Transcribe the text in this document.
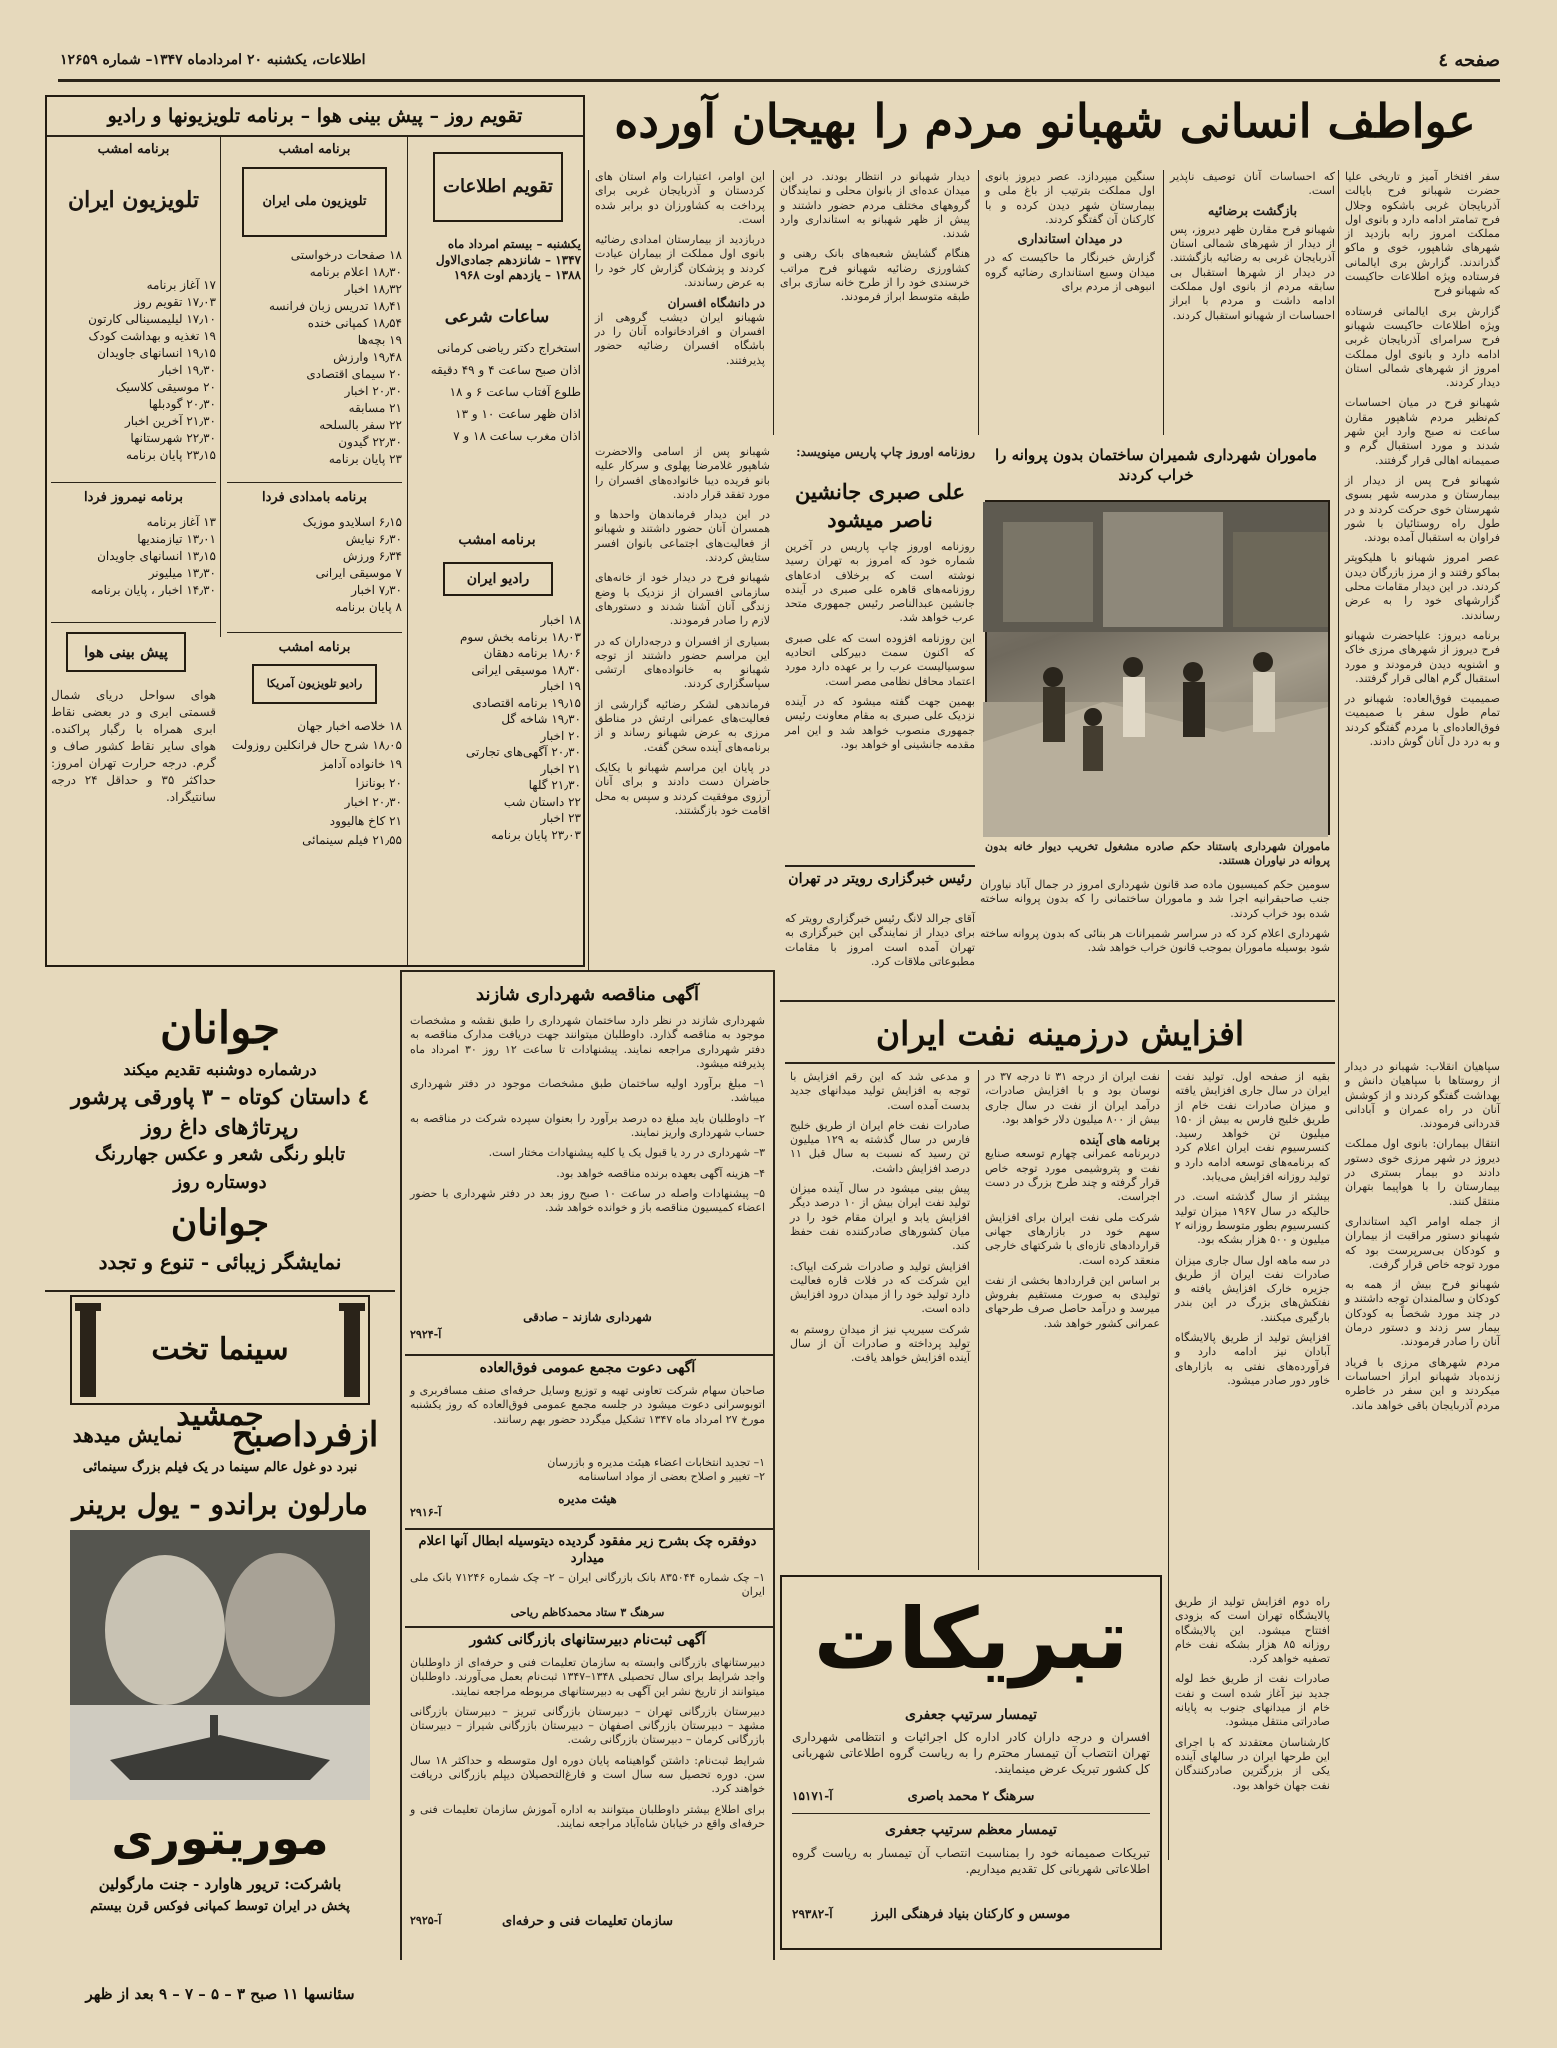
صفحه ٤
اطلاعات، یکشنبه ۲۰ امردادماه ۱۳۴۷– شماره ۱۲۶۵۹
عواطف انسانی شهبانو مردم را بهیجان آورده

سفر افتخار آمیز و تاریخی علیا حضرت شهبانو فرح بایالت آذربایجان غربی باشکوه وجلال فرح تمامتر ادامه دارد و بانوی اول مملکت امروز رابه بازدید از شهرهای شاهپور، خوی و ماکو گذراندند. گزارش بری ایالمانی فرستاده ویژه اطلاعات حاکیست که شهبانو فرح

گزارش بری ایالمانی فرستاده ویژه اطلاعات حاکیست شهبانو فرح سرامرای آذربایجان غربی ادامه دارد و بانوی اول مملکت امروز از شهرهای شمالی استان دیدار کردند.

شهبانو فرح در میان احساسات کم‌نظیر مردم شاهپور مقارن ساعت نه صبح وارد این شهر شدند و مورد استقبال گرم و صمیمانه اهالی قرار گرفتند.

شهبانو فرح پس از دیدار از بیمارستان و مدرسه شهر بسوی شهرستان خوی حرکت کردند و در طول راه روستائیان با شور فراوان به استقبال آمده بودند.

عصر امروز شهبانو با هلیکوپتر بماکو رفتند و از مرز بازرگان دیدن کردند. در این دیدار مقامات محلی گزارشهای خود را به عرض رساندند.

برنامه دیروز: علیاحضرت شهبانو فرح دیروز از شهرهای مرزی خاک و اشنویه دیدن فرمودند و مورد استقبال گرم اهالی قرار گرفتند.

صمیمیت فوق‌العاده: شهبانو در تمام طول سفر با صمیمیت فوق‌العاده‌ای با مردم گفتگو کردند و به درد دل آنان گوش دادند.

سپاهیان انقلاب: شهبانو در دیدار از روستاها با سپاهیان دانش و بهداشت گفتگو کردند و از کوشش آنان در راه عمران و آبادانی قدردانی فرمودند.

انتقال بیماران: بانوی اول مملکت دیروز در شهر مرزی خوی دستور دادند دو بیمار بستری در بیمارستان را با هواپیما بتهران منتقل کنند.

از جمله اوامر اکید استانداری شهبانو دستور مراقبت از بیماران و کودکان بی‌سرپرست بود که مورد توجه خاص قرار گرفت.

شهبانو فرح بیش از همه به کودکان و سالمندان توجه داشتند و در چند مورد شخصاً به کودکان بیمار سر زدند و دستور درمان آنان را صادر فرمودند.

مردم شهرهای مرزی با فریاد زنده‌باد شهبانو ابراز احساسات میکردند و این سفر در خاطره مردم آذربایجان باقی خواهد ماند.

که احساسات آنان توصیف ناپذیر است.

بازگشت برضائیه

شهبانو فرح مقارن ظهر دیروز، پس از دیدار از شهرهای شمالی استان آذربایجان غربی به رضائیه بازگشتند. در دیدار از شهرها استقبال بی سابقه مردم از بانوی اول مملکت ادامه داشت و مردم با ابراز احساسات از شهبانو استقبال کردند.

سنگین میپردازد. عصر دیروز بانوی اول مملکت بترتیب از باغ ملی و بیمارستان شهر دیدن کرده و با کارکنان آن گفتگو کردند.

در میدان استانداری

گزارش خبرنگار ما حاکیست که در میدان وسیع استانداری رضائیه گروه انبوهی از مردم برای

دیدار شهبانو در انتظار بودند. در این میدان عده‌ای از بانوان محلی و نمایندگان گروههای مختلف مردم حضور داشتند و پیش از ظهر شهبانو به استانداری وارد شدند.

هنگام گشایش شعبه‌های بانک رهنی و کشاورزی رضائیه شهبانو فرح مراتب خرسندی خود را از طرح خانه سازی برای طبقه متوسط ابراز فرمودند.

این اوامر، اعتبارات وام استان های کردستان و آذربایجان غربی برای پرداخت به کشاورزان دو برابر شده است.

دربازدید از بیمارستان امدادی رضائیه بانوی اول مملکت از بیماران عیادت کردند و پزشکان گزارش کار خود را به عرض رساندند.

در دانشگاه افسران

شهبانو ایران دیشب گروهی از افسران و افرادخانواده آنان را در باشگاه افسران رضائیه حضور پذیرفتند.

ماموران شهرداری شمیران ساختمان بدون پروانه را خراب کردند
ماموران شهرداری باستناد حکم صادره مشغول تخریب دیوار خانه بدون پروانه در نیاوران هستند.

سومین حکم کمیسیون ماده صد قانون شهرداری امروز در جمال آباد نیاوران جنب صاحبقرانیه اجرا شد و ماموران ساختمانی را که بدون پروانه ساخته شده بود خراب کردند.

شهرداری اعلام کرد که در سراسر شمیرانات هر بنائی که بدون پروانه ساخته شود بوسیله ماموران بموجب قانون خراب خواهد شد.

روزنامه اوروز چاپ پاریس مینویسد:
علی صبری جانشین ناصر میشود

روزنامه اوروز چاپ پاریس در آخرین شماره خود که امروز به تهران رسید نوشته است که برخلاف ادعاهای روزنامه‌های قاهره علی صبری در آینده جانشین عبدالناصر رئیس جمهوری متحد عرب خواهد شد.

این روزنامه افزوده است که علی صبری که اکنون سمت دبیرکلی اتحادیه سوسیالیست عرب را بر عهده دارد مورد اعتماد محافل نظامی مصر است.

بهمین جهت گفته میشود که در آینده نزدیک علی صبری به مقام معاونت رئیس جمهوری منصوب خواهد شد و این امر مقدمه جانشینی او خواهد بود.

رئیس خبرگزاری رویتر در تهران
آقای جرالد لانگ رئیس خبرگزاری رویتر که برای دیدار از نمایندگی این خبرگزاری به تهران آمده است امروز با مقامات مطبوعاتی ملاقات کرد.

شهبانو پس از اسامی والاحضرت شاهپور غلامرضا پهلوی و سرکار علیه بانو فریده دیبا خانواده‌های افسران را مورد تفقد قرار دادند.

در این دیدار فرماندهان واحدها و همسران آنان حضور داشتند و شهبانو از فعالیت‌های اجتماعی بانوان افسر ستایش کردند.

شهبانو فرح در دیدار خود از خانه‌های سازمانی افسران از نزدیک با وضع زندگی آنان آشنا شدند و دستورهای لازم را صادر فرمودند.

بسیاری از افسران و درجه‌داران که در این مراسم حضور داشتند از توجه شهبانو به خانواده‌های ارتشی سپاسگزاری کردند.

فرماندهی لشکر رضائیه گزارشی از فعالیت‌های عمرانی ارتش در مناطق مرزی به عرض شهبانو رساند و از برنامه‌های آینده سخن گفت.

در پایان این مراسم شهبانو با یکایک حاضران دست دادند و برای آنان آرزوی موفقیت کردند و سپس به محل اقامت خود بازگشتند.

افزایش درزمینه نفت ایران

بقیه از صفحه اول. تولید نفت ایران در سال جاری افزایش یافته و میزان صادرات نفت خام از طریق خلیج فارس به بیش از ۱۵۰ میلیون تن خواهد رسید. کنسرسیوم نفت ایران اعلام کرد که برنامه‌های توسعه ادامه دارد و تولید روزانه افزایش می‌یابد.

بیشتر از سال گذشته است. در حالیکه در سال ۱۹۶۷ میزان تولید کنسرسیوم بطور متوسط روزانه ۲ میلیون و ۵۰۰ هزار بشکه بود.

در سه ماهه اول سال جاری میزان صادرات نفت ایران از طریق جزیره خارک افزایش یافته و نفتکش‌های بزرگ در این بندر بارگیری میکنند.

افزایش تولید از طریق پالایشگاه آبادان نیز ادامه دارد و فرآورده‌های نفتی به بازارهای خاور دور صادر میشود.

نفت ایران از درجه ۳۱ تا درجه ۳۷ در نوسان بود و با افزایش صادرات، درآمد ایران از نفت در سال جاری بیش از ۸۰۰ میلیون دلار خواهد بود.

برنامه های آینده

دربرنامه عمرانی چهارم توسعه صنایع نفت و پتروشیمی مورد توجه خاص قرار گرفته و چند طرح بزرگ در دست اجراست.

شرکت ملی نفت ایران برای افزایش سهم خود در بازارهای جهانی قراردادهای تازه‌ای با شرکتهای خارجی منعقد کرده است.

بر اساس این قراردادها بخشی از نفت تولیدی به صورت مستقیم بفروش میرسد و درآمد حاصل صرف طرحهای عمرانی کشور خواهد شد.

و مدعی شد که این رقم افزایش با توجه به افزایش تولید میدانهای جدید بدست آمده است.

صادرات نفت خام ایران از طریق خلیج فارس در سال گذشته به ۱۲۹ میلیون تن رسید که نسبت به سال قبل ۱۱ درصد افزایش داشت.

پیش بینی میشود در سال آینده میزان تولید نفت ایران بیش از ۱۰ درصد دیگر افزایش یابد و ایران مقام خود را در میان کشورهای صادرکننده نفت حفظ کند.

افزایش تولید و صادرات شرکت ایپاک: این شرکت که در فلات قاره فعالیت دارد تولید خود را از میدان درود افزایش داده است.

شرکت سیریپ نیز از میدان روستم به تولید پرداخته و صادرات آن از سال آینده افزایش خواهد یافت.

تبریکات
تیمسار سرتیپ جعفری
افسران و درجه داران کادر اداره کل اجرائیات و انتظامی شهرداری تهران انتصاب آن تیمسار محترم را به ریاست گروه اطلاعاتی شهربانی کل کشور تبریک عرض مینمایند.
سرهنگ ۲ محمد باصری
آ-۱۵۱۷۱
تیمسار معظم سرتیپ جعفری
تبریکات صمیمانه خود را بمناسبت انتصاب آن تیمسار به ریاست گروه اطلاعاتی شهربانی کل تقدیم میداریم.
موسس و کارکنان بنیاد فرهنگی البرز
آ-۲۹۳۸۲

راه دوم افزایش تولید از طریق پالایشگاه تهران است که بزودی افتتاح میشود. این پالایشگاه روزانه ۸۵ هزار بشکه نفت خام تصفیه خواهد کرد.

صادرات نفت از طریق خط لوله جدید نیز آغاز شده است و نفت خام از میدانهای جنوب به پایانه صادراتی منتقل میشود.

کارشناسان معتقدند که با اجرای این طرحها ایران در سالهای آینده یکی از بزرگترین صادرکنندگان نفت جهان خواهد بود.

آگهی مناقصه شهرداری شازند

شهرداری شازند در نظر دارد ساختمان شهرداری را طبق نقشه و مشخصات موجود به مناقصه گذارد. داوطلبان میتوانند جهت دریافت مدارک مناقصه به دفتر شهرداری مراجعه نمایند. پیشنهادات تا ساعت ۱۲ روز ۳۰ امرداد ماه پذیرفته میشود.

۱– مبلغ برآورد اولیه ساختمان طبق مشخصات موجود در دفتر شهرداری میباشد.

۲– داوطلبان باید مبلغ ده درصد برآورد را بعنوان سپرده شرکت در مناقصه به حساب شهرداری واریز نمایند.

۳– شهرداری در رد یا قبول یک یا کلیه پیشنهادات مختار است.

۴– هزینه آگهی بعهده برنده مناقصه خواهد بود.

۵– پیشنهادات واصله در ساعت ۱۰ صبح روز بعد در دفتر شهرداری با حضور اعضاء کمیسیون مناقصه باز و خوانده خواهد شد.

شهرداری شازند – صادقی
آ-۲۹۲۴
آگهی دعوت مجمع عمومی فوق‌العاده
صاحبان سهام شرکت تعاونی تهیه و توزیع وسایل حرفه‌ای صنف مسافربری و اتوبوسرانی دعوت میشود در جلسه مجمع عمومی فوق‌العاده که روز یکشنبه مورخ ۲۷ امرداد ماه ۱۳۴۷ تشکیل میگردد حضور بهم رسانند.
۱– تجدید انتخابات اعضاء هیئت مدیره و بازرسان
۲– تغییر و اصلاح بعضی از مواد اساسنامه
هیئت مدیره
آ-۲۹۱۶
دوفقره چک بشرح زیر مفقود گردیده دیتوسیله ابطال آنها اعلام میدارد
۱– چک شماره ۸۳۵۰۴۴ بانک بازرگانی ایران – ۲– چک شماره ۷۱۲۴۶ بانک ملی ایران
سرهنگ ۳ ستاد محمدکاظم ریاحی
آگهی ثبت‌نام دبیرستانهای بازرگانی کشور

دبیرستانهای بازرگانی وابسته به سازمان تعلیمات فنی و حرفه‌ای از داوطلبان واجد شرایط برای سال تحصیلی ۱۳۴۸–۱۳۴۷ ثبت‌نام بعمل می‌آورند. داوطلبان میتوانند از تاریخ نشر این آگهی به دبیرستانهای مربوطه مراجعه نمایند.

دبیرستان بازرگانی تهران – دبیرستان بازرگانی تبریز – دبیرستان بازرگانی مشهد – دبیرستان بازرگانی اصفهان – دبیرستان بازرگانی شیراز – دبیرستان بازرگانی کرمان – دبیرستان بازرگانی رشت.

شرایط ثبت‌نام: داشتن گواهینامه پایان دوره اول متوسطه و حداکثر ۱۸ سال سن. دوره تحصیل سه سال است و فارغ‌التحصیلان دیپلم بازرگانی دریافت خواهند کرد.

برای اطلاع بیشتر داوطلبان میتوانند به اداره آموزش سازمان تعلیمات فنی و حرفه‌ای واقع در خیابان شاه‌آباد مراجعه نمایند.

سازمان تعلیمات فنی و حرفه‌ای
آ-۲۹۲۵
تقویم روز – پیش بینی هوا – برنامه تلویزیونها و رادیو
تقویم اطلاعات
یکشنبه – بیستم امرداد ماه
۱۳۴۷ – شانزدهم جمادی‌الاول
۱۳۸۸ – یازدهم اوت ۱۹۶۸
ساعات شرعی
استخراج دکتر ریاضی کرمانی
اذان صبح ساعت ۴ و ۴۹ دقیقه
طلوع آفتاب ساعت ۶ و ۱۸
اذان ظهر ساعت ۱۰ و ۱۳
اذان مغرب ساعت ۱۸ و ۷
برنامه امشب
رادیو ایران
۱۸ اخبار
۱۸٫۰۳ برنامه بخش سوم
۱۸٫۰۶ برنامه دهقان
۱۸٫۳۰ موسیقی ایرانی
۱۹ اخبار
۱۹٫۱۵ برنامه اقتصادی
۱۹٫۳۰ شاخه گل
۲۰ اخبار
۲۰٫۳۰ آگهی‌های تجارتی
۲۱ اخبار
۲۱٫۳۰ گلها
۲۲ داستان شب
۲۳ اخبار
۲۳٫۰۳ پایان برنامه
برنامه امشب
تلویزیون ملی ایران
۱۸ صفحات درخواستی
۱۸٫۳۰ اعلام برنامه
۱۸٫۳۲ اخبار
۱۸٫۴۱ تدریس زبان فرانسه
۱۸٫۵۴ کمپانی خنده
۱۹ بچه‌ها
۱۹٫۴۸ وارزش
۲۰ سیمای اقتصادی
۲۰٫۳۰ اخبار
۲۱ مسابقه
۲۲ سفر بالسلحه
۲۲٫۳۰ گیدون
۲۳ پایان برنامه
برنامه بامدادی فردا
۶٫۱۵ اسلایدو موزیک
۶٫۳۰ نیایش
۶٫۳۴ ورزش
۷ موسیقی ایرانی
۷٫۳۰ اخبار
۸ پایان برنامه
برنامه امشب
رادیو تلویزیون آمریکا
۱۸ خلاصه اخبار جهان
۱۸٫۰۵ شرح حال فرانکلین روزولت
۱۹ خانواده آدامز
۲۰ بونانزا
۲۰٫۳۰ اخبار
۲۱ کاخ هالیوود
۲۱٫۵۵ فیلم سینمائی
برنامه امشب
تلویزیون ایران
۱۷ آغاز برنامه
۱۷٫۰۳ تقویم روز
۱۷٫۱۰ لیلیمسینالی کارتون
۱۹ تغذیه و بهداشت کودک
۱۹٫۱۵ انسانهای جاویدان
۱۹٫۳۰ اخبار
۲۰ موسیقی کلاسیک
۲۰٫۳۰ گودبلها
۲۱٫۳۰ آخرین اخبار
۲۲٫۳۰ شهرستانها
۲۳٫۱۵ پایان برنامه
برنامه نیمروز فردا
۱۳ آغاز برنامه
۱۳٫۰۱ تیازمندیها
۱۳٫۱۵ انسانهای جاویدان
۱۳٫۳۰ میلیونر
۱۴٫۳۰ اخبار ، پایان برنامه
پیش بینی هوا
هوای سواحل دریای شمال قسمتی ابری و در بعضی نقاط ابری همراه با رگبار پراکنده. هوای سایر نقاط کشور صاف و گرم. درجه حرارت تهران امروز: حداکثر ۳۵ و حداقل ۲۴ درجه سانتیگراد.
جوانان
درشماره دوشنبه تقدیم میکند
٤ داستان کوتاه – ٣ پاورقی پرشور
رپرتاژهای داغ روز
تابلو رنگی شعر و عکس جهاررنگ
دوستاره روز
جوانان
نمایشگر زیبائی - تنوع و تجدد
سینما تخت جمشید
ازفرداصبح
نمایش میدهد
نبرد دو غول عالم سینما در یک فیلم بزرگ سینمائی
مارلون براندو - یول برینر
موریتوری
باشرکت: تریور هاوارد - جنت مارگولین
پخش در ایران توسط کمپانی فوکس قرن بیستم
سئانسها ۱۱ صبح ۳ – ۵ – ۷ – ۹ بعد از ظهر
